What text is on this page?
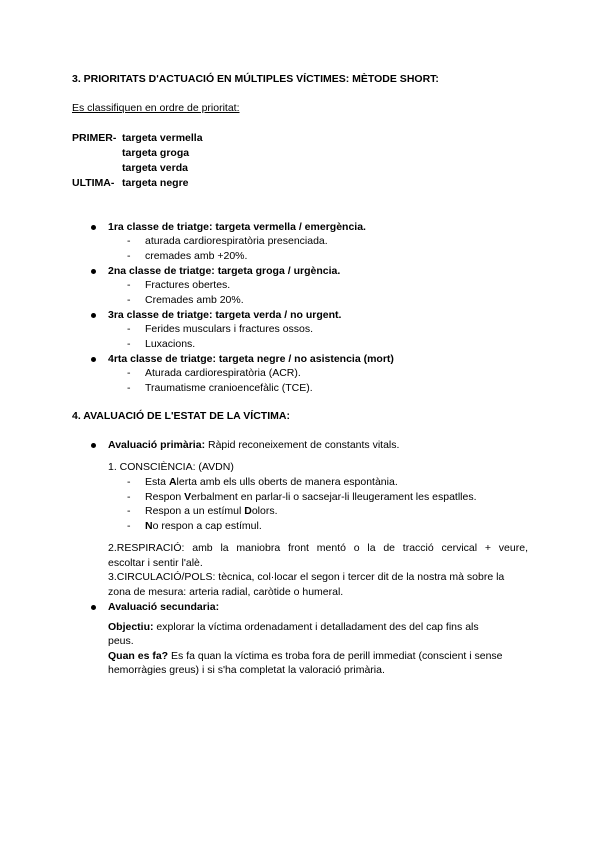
3. PRIORITATS D'ACTUACIÓ EN MÚLTIPLES VÍCTIMES: MÈTODE SHORT:
Es classifiquen en ordre de prioritat:
PRIMER- targeta vermella
targeta groga
targeta verda
ULTIMA- targeta negre
1ra classe de triatge: targeta vermella / emergència.
- aturada cardiorespiratòria presenciada.
- cremades amb +20%.
2na classe de triatge: targeta groga / urgència.
- Fractures obertes.
- Cremades amb 20%.
3ra classe de triatge: targeta verda / no urgent.
- Ferides musculars i fractures ossos.
- Luxacions.
4rta classe de triatge: targeta negre / no asistencia (mort)
- Aturada cardiorespiratòria (ACR).
- Traumatisme cranioencefàlic (TCE).
4. AVALUACIÓ DE L'ESTAT DE LA VÍCTIMA:
Avaluació primària: Ràpid reconeixement de constants vitals.
1. CONSCIÈNCIA: (AVDN)
- Esta Alerta amb els ulls oberts de manera espontània.
- Respon Verbalment en parlar-li o sacsejar-li lleugerament les espatlles.
- Respon a un estímul Dolors.
- No respon a cap estímul.
2.RESPIRACIÓ: amb la maniobra front mentó o la de tracció cervical + veure,
escoltar i sentir l'alè.
3.CIRCULACIÓ/POLS: tècnica, col·locar el segon i tercer dit de la nostra mà sobre la
zona de mesura: arteria radial, caròtide o humeral.
Avaluació secundaria:
Objectiu: explorar la víctima ordenadament i detalladament des del cap fins als
peus.
Quan es fa? Es fa quan la víctima es troba fora de perill immediat (conscient i sense
hemorràgies greus) i si s'ha completat la valoració primària.
